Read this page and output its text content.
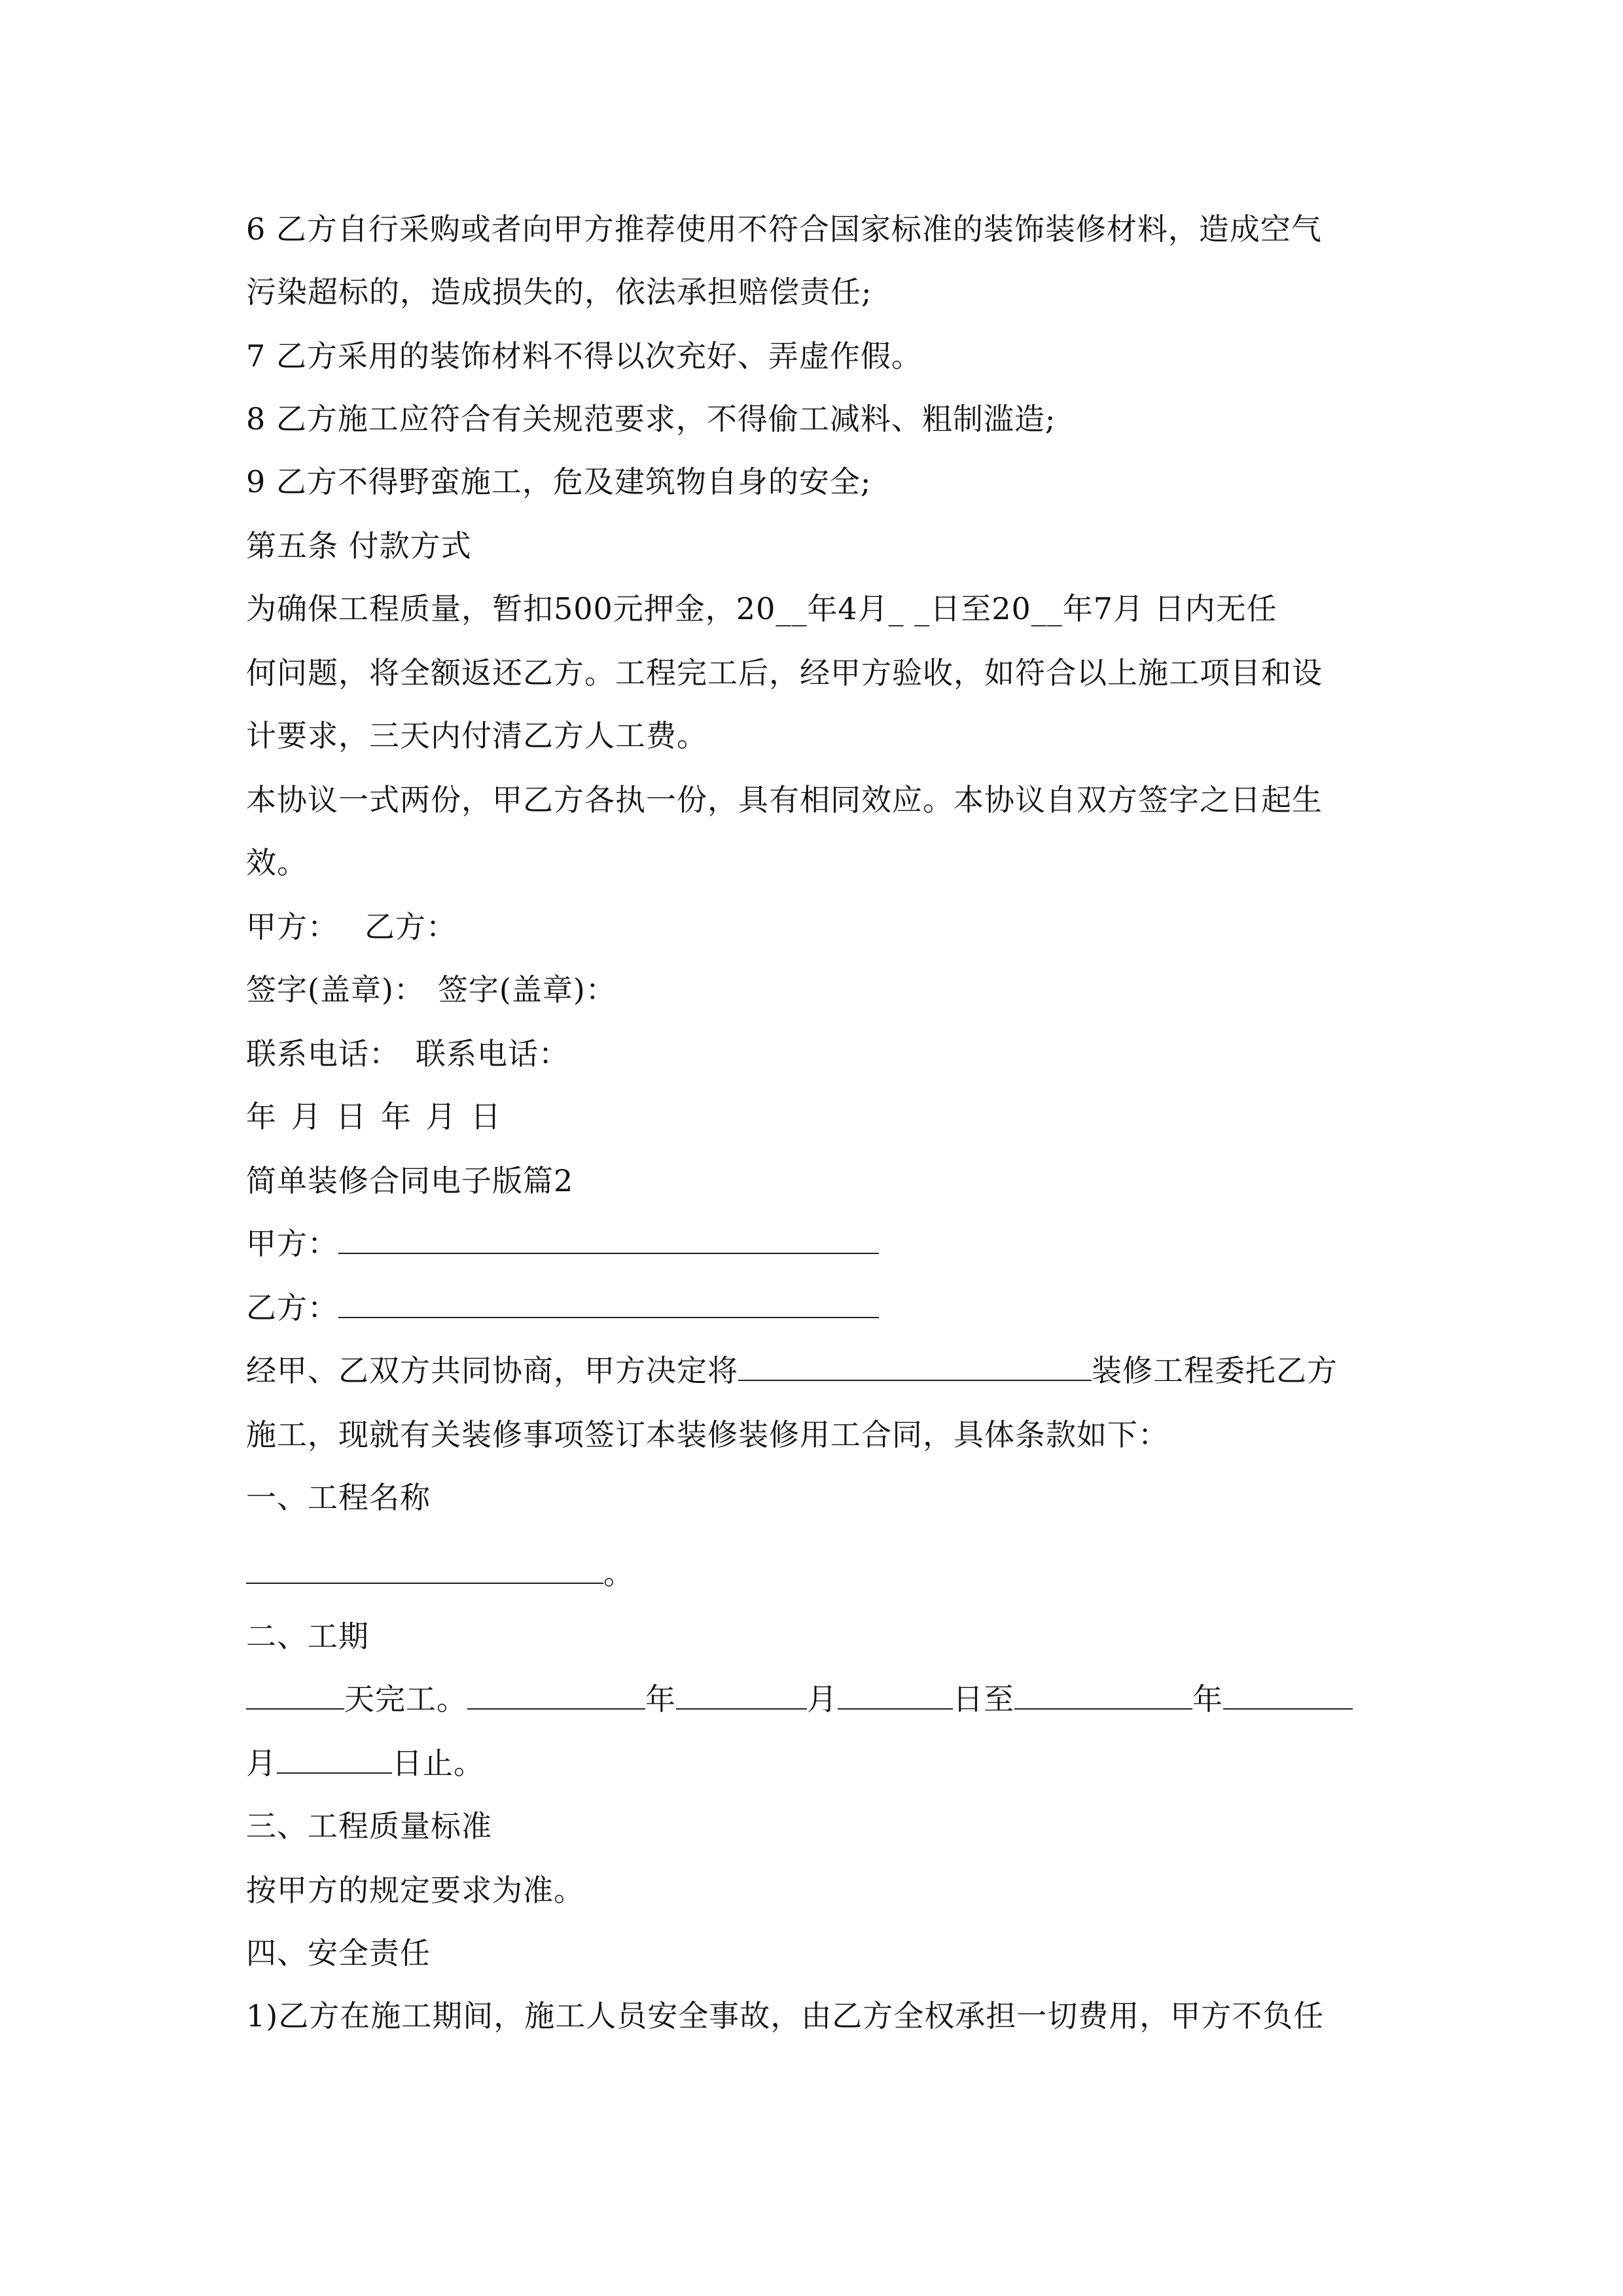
6 乙方自行采购或者向甲方推荐使用不符合国家标准的装饰装修材料，造成空气
污染超标的，造成损失的，依法承担赔偿责任;
7 乙方采用的装饰材料不得以次充好、弄虚作假。
8 乙方施工应符合有关规范要求，不得偷工减料、粗制滥造;
9 乙方不得野蛮施工，危及建筑物自身的安全;
第五条 付款方式
为确保工程质量，暂扣500元押金，20__年4月_ _日至20__年7月 日内无任
何问题，将全额返还乙方。工程完工后，经甲方验收，如符合以上施工项目和设
计要求，三天内付清乙方人工费。
本协议一式两份，甲乙方各执一份，具有相同效应。本协议自双方签字之日起生
效。
甲方： 乙方：
签字(盖章)： 签字(盖章)：
联系电话： 联系电话：
年 月 日 年 月 日
简单装修合同电子版篇2
甲方：
乙方：
经甲、乙双方共同协商，甲方决定将	装修工程委托乙方
施工，现就有关装修事项签订本装修装修用工合同，具体条款如下：
一、工程名称
。
二、工期
天完工。	年	月	日至	年
月	日止。
三、工程质量标准
按甲方的规定要求为准。
四、安全责任
1)乙方在施工期间，施工人员安全事故，由乙方全权承担一切费用，甲方不负任
